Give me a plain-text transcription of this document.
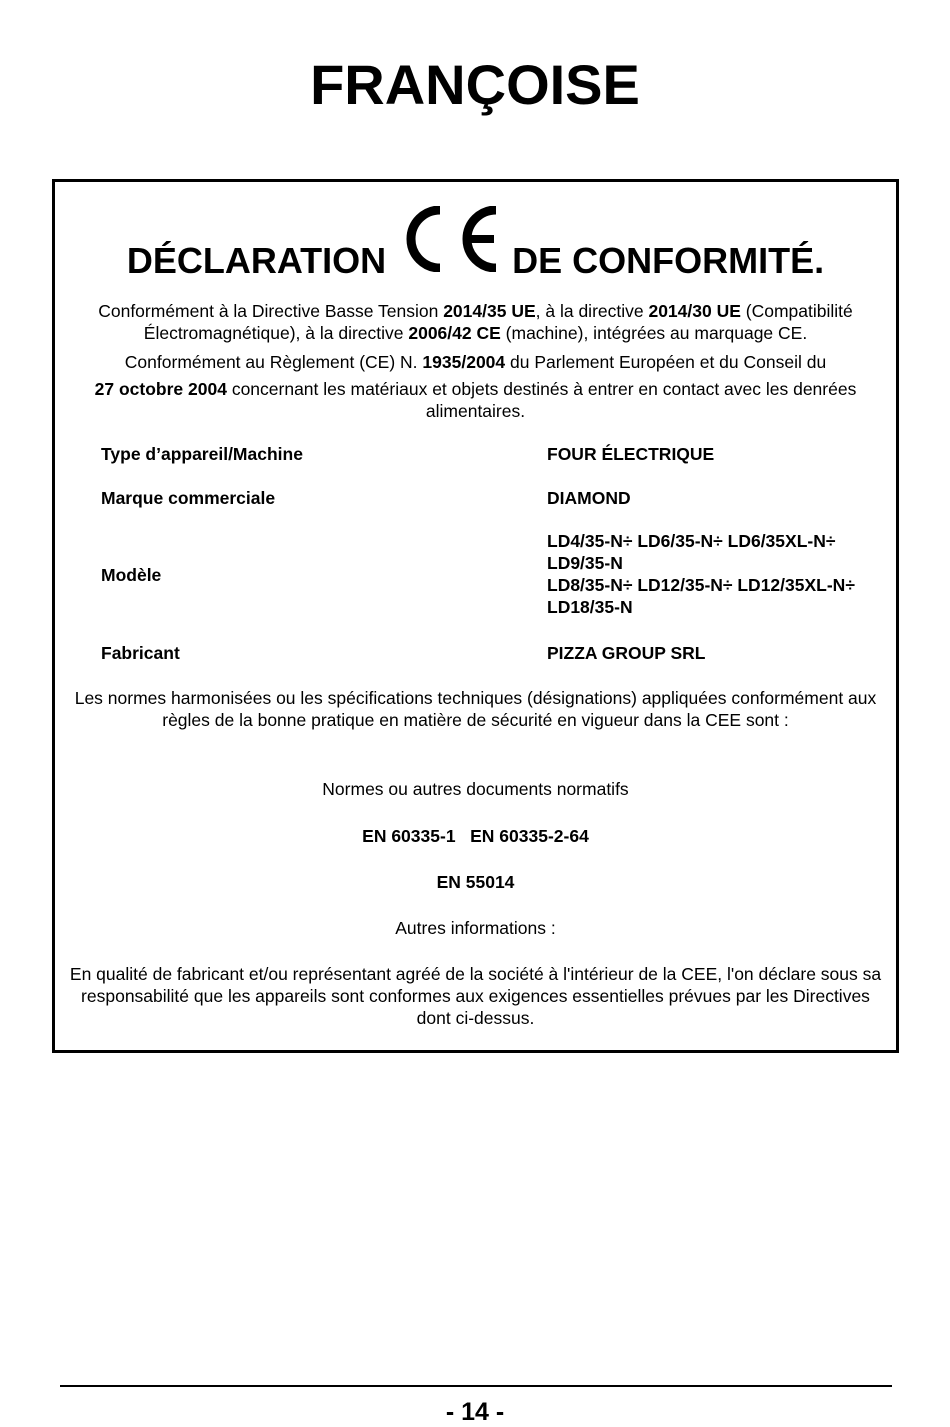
FRANÇOISE
DÉCLARATION	DE CONFORMITÉ.
Conformément à la Directive Basse Tension 2014/35 UE, à la directive 2014/30 UE (Compatibilité Électromagnétique), à la directive 2006/42 CE (machine), intégrées au marquage CE.
Conformément au Règlement (CE) N. 1935/2004 du Parlement Européen et du Conseil du
27 octobre 2004 concernant les matériaux et objets destinés à entrer en contact avec les denrées alimentaires.
Type d’appareil/Machine	FOUR ÉLECTRIQUE
Marque commerciale	DIAMOND
Modèle
LD4/35-N÷ LD6/35-N÷ LD6/35XL-N÷
LD9/35-N
LD8/35-N÷ LD12/35-N÷ LD12/35XL-N÷
LD18/35-N
Fabricant	PIZZA GROUP SRL
Les normes harmonisées ou les spécifications techniques (désignations) appliquées conformément aux règles de la bonne pratique en matière de sécurité en vigueur dans la CEE sont :
Normes ou autres documents normatifs
EN 60335-1   EN 60335-2-64
EN 55014
Autres informations :
En qualité de fabricant et/ou représentant agréé de la société à l'intérieur de la CEE, l'on déclare sous sa responsabilité que les appareils sont conformes aux exigences essentielles prévues par les Directives dont ci-dessus.
- 14 -
